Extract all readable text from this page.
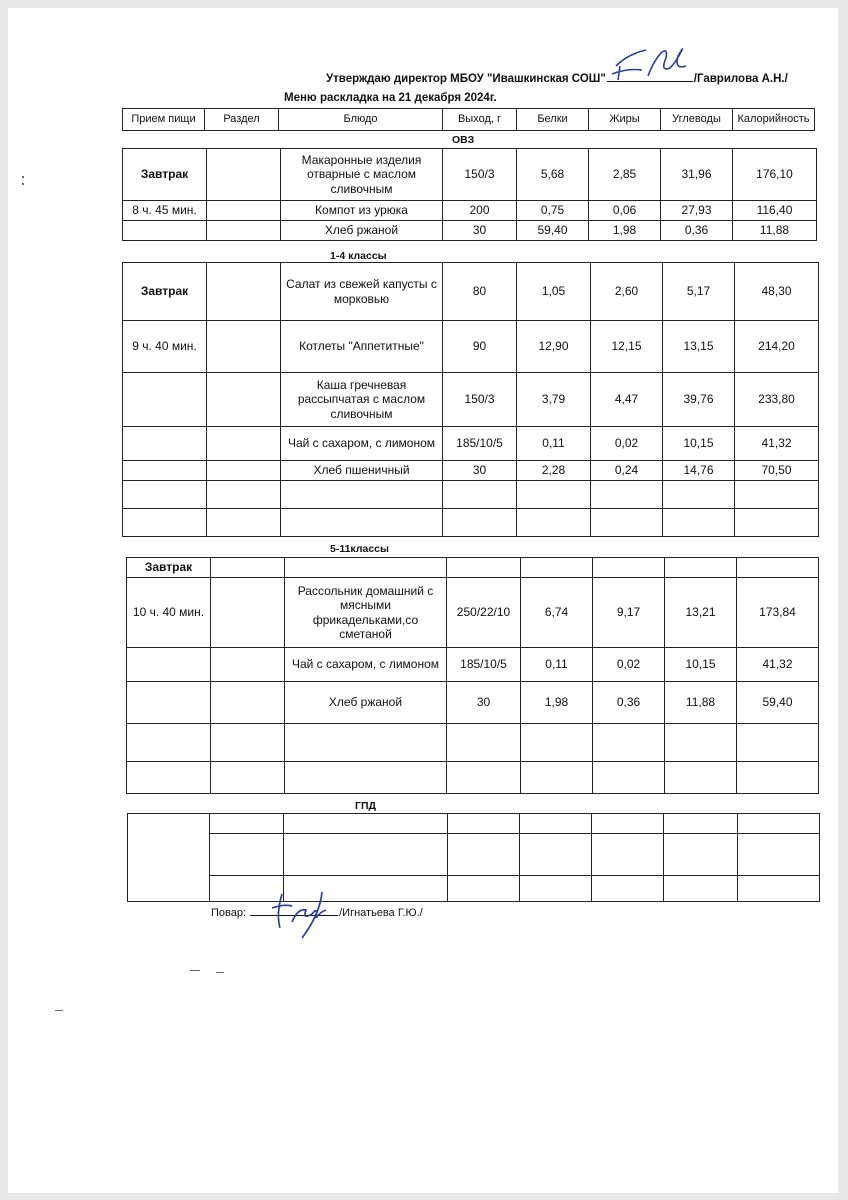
Утверждаю директор МБОУ "Ивашкинская СОШ"	/Гаврилова А.Н./
Меню раскладка на 21 декабря 2024г.
Прием пищи	Раздел	Блюдо	Выход, г	Белки	Жиры	Углеводы	Калорийность
ОВЗ
Завтрак		Макаронные изделия отварные с маслом сливочным	150/3	5,68	2,85	31,96	176,10
8 ч. 45 мин.		Компот из урюка	200	0,75	0,06	27,93	116,40
		Хлеб ржаной	30	59,40	1,98	0,36	11,88
1-4 классы
Завтрак		Салат из свежей капусты с морковью	80	1,05	2,60	5,17	48,30
9 ч. 40 мин.		Котлеты "Аппетитные"	90	12,90	12,15	13,15	214,20
		Каша гречневая рассыпчатая с маслом сливочным	150/3	3,79	4,47	39,76	233,80
		Чай с сахаром, с лимоном	185/10/5	0,11	0,02	10,15	41,32
		Хлеб пшеничный	30	2,28	0,24	14,76	70,50

5-11классы
Завтрак							
10 ч. 40 мин.		Рассольник домашний с мясными фрикадельками,со сметаной	250/22/10	6,74	9,17	13,21	173,84
		Чай с сахаром, с лимоном	185/10/5	0,11	0,02	10,15	41,32
		Хлеб ржаной	30	1,98	0,36	11,88	59,40

ГПД

Повар:	/Игнатьева Г.Ю./
